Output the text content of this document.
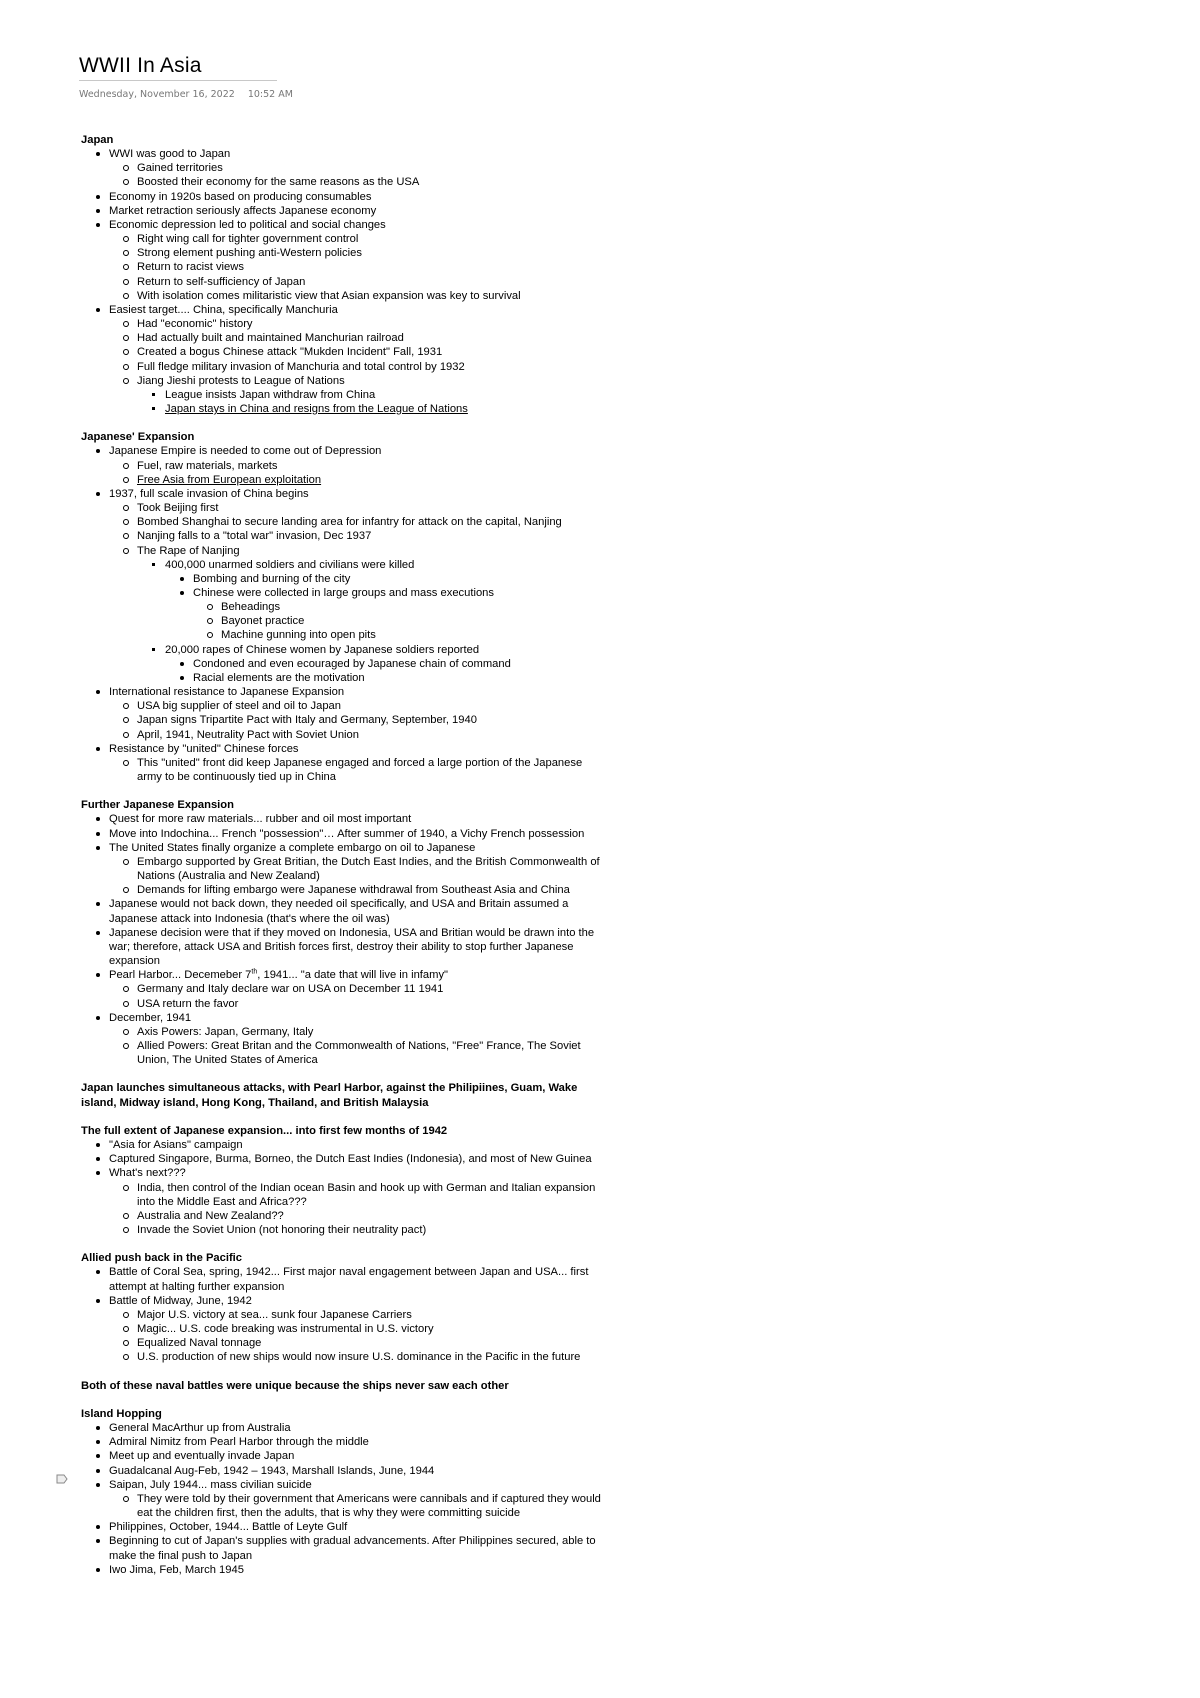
WWII In Asia
Wednesday, November 16, 2022 10:52 AM
Japan
WWI was good to Japan
Gained territories
Boosted their economy for the same reasons as the USA
Economy in 1920s based on producing consumables
Market retraction seriously affects Japanese economy
Economic depression led to political and social changes
Right wing call for tighter government control
Strong element pushing anti-Western policies
Return to racist views
Return to self-sufficiency of Japan
With isolation comes militaristic view that Asian expansion was key to survival
Easiest target.... China, specifically Manchuria
Had "economic" history
Had actually built and maintained Manchurian railroad
Created a bogus Chinese attack "Mukden Incident" Fall, 1931
Full fledge military invasion of Manchuria and total control by 1932
Jiang Jieshi protests to League of Nations
League insists Japan withdraw from China
Japan stays in China and resigns from the League of Nations
Japanese' Expansion
Japanese Empire is needed to come out of Depression
Fuel, raw materials, markets
Free Asia from European exploitation
1937, full scale invasion of China begins
Took Beijing first
Bombed Shanghai to secure landing area for infantry for attack on the capital, Nanjing
Nanjing falls to a "total war" invasion, Dec 1937
The Rape of Nanjing
400,000 unarmed soldiers and civilians were killed
Bombing and burning of the city
Chinese were collected in large groups and mass executions
Beheadings
Bayonet practice
Machine gunning into open pits
20,000 rapes of Chinese women by Japanese soldiers reported
Condoned and even ecouraged by Japanese chain of command
Racial elements are the motivation
International resistance to Japanese Expansion
USA big supplier of steel and oil to Japan
Japan signs Tripartite Pact with Italy and Germany, September, 1940
April, 1941, Neutrality Pact with Soviet Union
Resistance by "united" Chinese forces
This "united" front did keep Japanese engaged and forced a large portion of the Japanese army to be continuously tied up in China
Further Japanese Expansion
Quest for more raw materials... rubber and oil most important
Move into Indochina... French "possession"… After summer of 1940, a Vichy French possession
The United States finally organize a complete embargo on oil to Japanese
Embargo supported by Great Britian, the Dutch East Indies, and the British Commonwealth of Nations (Australia and New Zealand)
Demands for lifting embargo were Japanese withdrawal from Southeast Asia and China
Japanese would not back down, they needed oil specifically, and USA and Britain assumed a Japanese attack into Indonesia (that's where the oil was)
Japanese decision were that if they moved on Indonesia, USA and Britian would be drawn into the war; therefore, attack USA and British forces first, destroy their ability to stop further Japanese expansion
Pearl Harbor... Decemeber 7th, 1941... "a date that will live in infamy"
Germany and Italy declare war on USA on December 11 1941
USA return the favor
December, 1941
Axis Powers: Japan, Germany, Italy
Allied Powers: Great Britan and the Commonwealth of Nations, "Free" France, The Soviet Union, The United States of America
Japan launches simultaneous attacks, with Pearl Harbor, against the Philipiines, Guam, Wake island, Midway island, Hong Kong, Thailand, and British Malaysia
The full extent of Japanese expansion... into first few months of 1942
"Asia for Asians" campaign
Captured Singapore, Burma, Borneo, the Dutch East Indies (Indonesia), and most of New Guinea
What's next???
India, then control of the Indian ocean Basin and hook up with German and Italian expansion into the Middle East and Africa???
Australia and New Zealand??
Invade the Soviet Union (not honoring their neutrality pact)
Allied push back in the Pacific
Battle of Coral Sea, spring, 1942... First major naval engagement between Japan and USA... first attempt at halting further expansion
Battle of Midway, June, 1942
Major U.S. victory at sea... sunk four Japanese Carriers
Magic... U.S. code breaking was instrumental in U.S. victory
Equalized Naval tonnage
U.S. production of new ships would now insure U.S. dominance in the Pacific in the future
Both of these naval battles were unique because the ships never saw each other
Island Hopping
General MacArthur up from Australia
Admiral Nimitz from Pearl Harbor through the middle
Meet up and eventually invade Japan
Guadalcanal Aug-Feb, 1942 – 1943, Marshall Islands, June, 1944
Saipan, July 1944... mass civilian suicide
They were told by their government that Americans were cannibals and if captured they would eat the children first, then the adults, that is why they were committing suicide
Philippines, October, 1944... Battle of Leyte Gulf
Beginning to cut of Japan's supplies with gradual advancements. After Philippines secured, able to make the final push to Japan
Iwo Jima, Feb, March 1945
